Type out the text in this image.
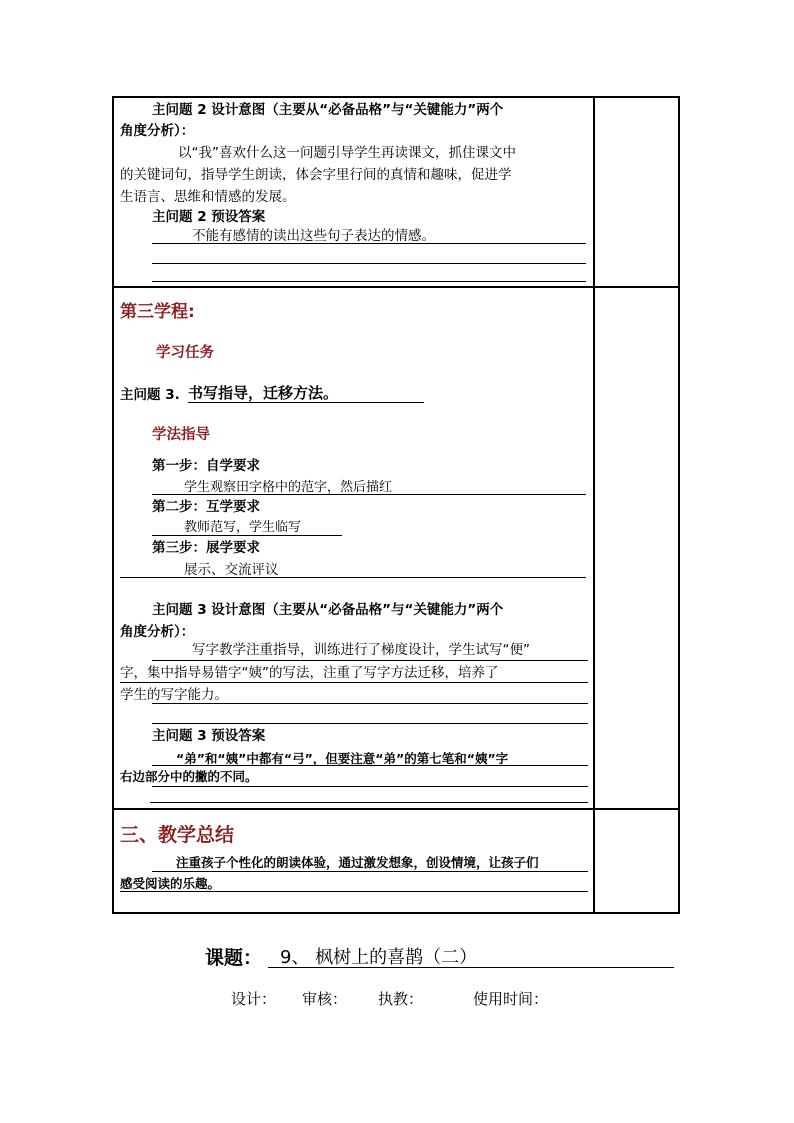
主问题 2 设计意图（主要从“必备品格”与“关键能力”两个
角度分析）：
以“我”喜欢什么这一问题引导学生再读课文，抓住课文中
的关键词句，指导学生朗读，体会字里行间的真情和趣味，促进学
生语言、思维和情感的发展。
主问题 2 预设答案
不能有感情的读出这些句子表达的情感。
第三学程:
学习任务
主问题 3. 书写指导，迁移方法。
学法指导
第一步：自学要求
学生观察田字格中的范字，然后描红
第二步：互学要求
教师范写，学生临写
第三步：展学要求
展示、交流评议
主问题 3 设计意图（主要从“必备品格”与“关键能力”两个
角度分析）：
写字教学注重指导，训练进行了梯度设计，学生试写“便”
字，集中指导易错字“姨”的写法，注重了写字方法迁移，培养了
学生的写字能力。
主问题 3 预设答案
“弟”和“姨”中都有“弓”，但要注意“弟”的第七笔和“姨”字
右边部分中的撇的不同。
三、教学总结
注重孩子个性化的朗读体验，通过激发想象，创设情境，让孩子们
感受阅读的乐趣。
课题： 9、 枫树上的喜鹊（二）
设计： 审核： 执教：	使用时间：
